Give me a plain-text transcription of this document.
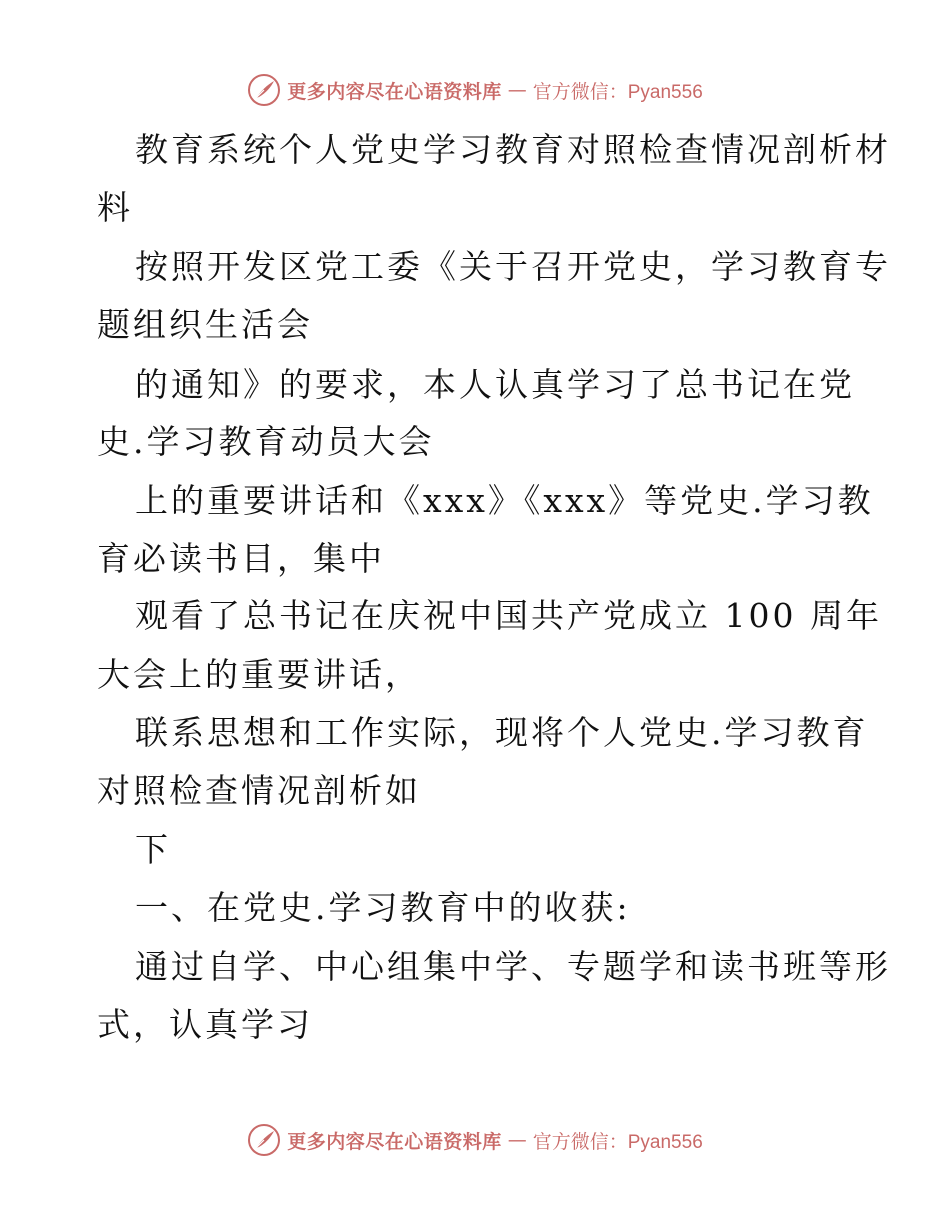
更多内容尽在心语资料库 — 官方微信：Pyan556
教育系统个人党史学习教育对照检查情况剖析材
料
按照开发区党工委《关于召开党史，学习教育专
题组织生活会
的通知》的要求，本人认真学习了总书记在党
史.学习教育动员大会
上的重要讲话和《xxx》《xxx》等党史.学习教
育必读书目，集中
观看了总书记在庆祝中国共产党成立 100 周年
大会上的重要讲话，
联系思想和工作实际，现将个人党史.学习教育
对照检查情况剖析如
下
一、在党史.学习教育中的收获:
通过自学、中心组集中学、专题学和读书班等形
式，认真学习
更多内容尽在心语资料库 — 官方微信：Pyan556
